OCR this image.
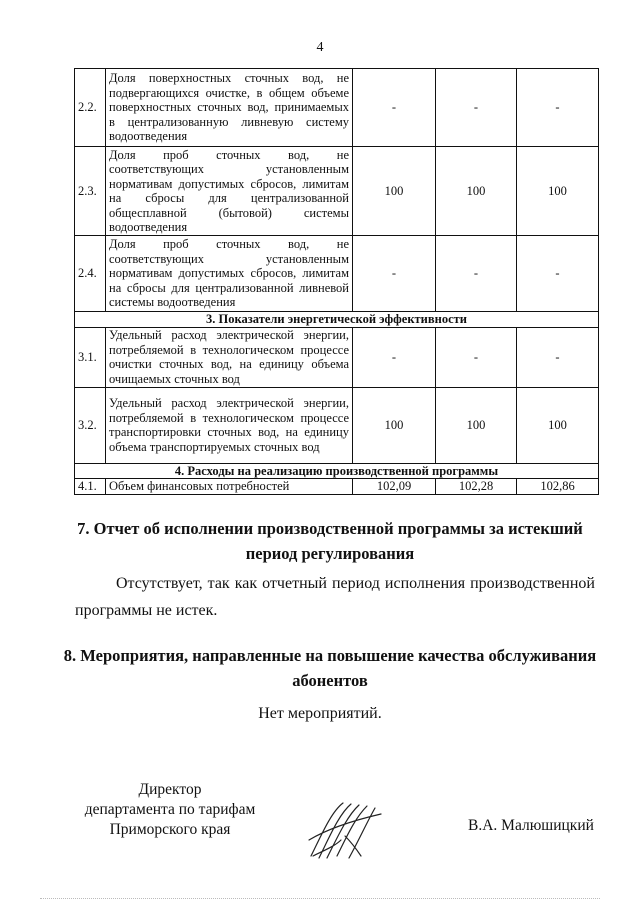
4
2.2.	Доля поверхностных сточных вод, не подвергающихся очистке, в общем объеме поверхностных сточных вод, принимаемых в централизованную ливневую систему водоотведения	-	-	-
2.3.	Доля проб сточных вод, не соответствующих установленным нормативам допустимых сбросов, лимитам на сбросы для централизованной общесплавной (бытовой) системы водоотведения	100	100	100
2.4.	Доля проб сточных вод, не соответствующих установленным нормативам допустимых сбросов, лимитам на сбросы для централизованной ливневой системы водоотведения	-	-	-
3. Показатели энергетической эффективности				
3.1.	Удельный расход электрической энергии, потребляемой в технологическом процессе очистки сточных вод, на единицу объема очищаемых сточных вод	-	-	-
3.2.	Удельный расход электрической энергии, потребляемой в технологическом процессе транспортировки сточных вод, на единицу объема транспортируемых сточных вод	100	100	100
4. Расходы на реализацию производственной программы				
4.1.	Объем финансовых потребностей	102,09	102,28	102,86
7. Отчет об исполнении производственной программы за истекший период регулирования
Отсутствует, так как отчетный период исполнения производственной программы не истек.
8. Мероприятия, направленные на повышение качества обслуживания абонентов
Нет мероприятий.
Директор
департамента по тарифам
Приморского края	В.А. Малюшицкий
